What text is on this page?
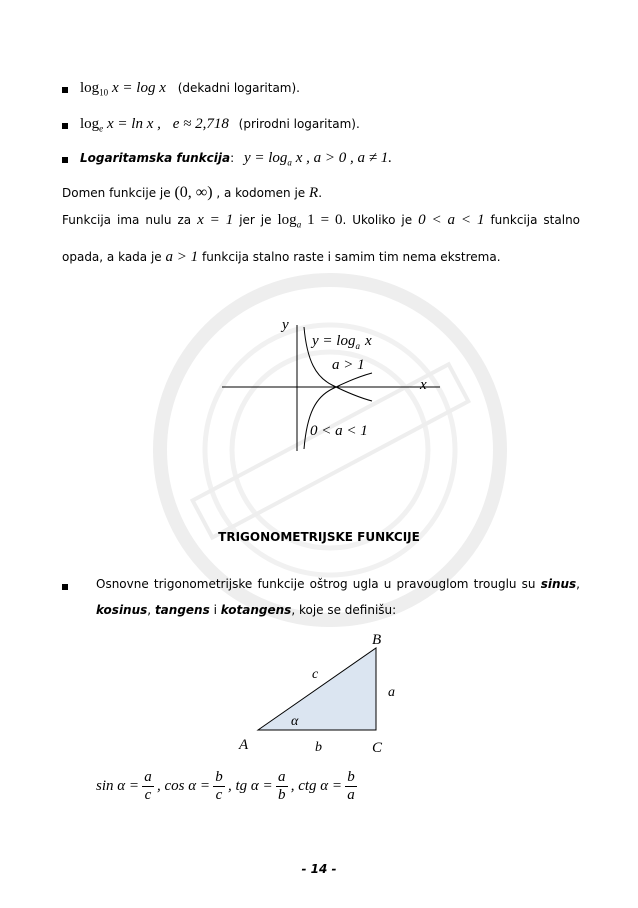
$\log_{10} x = \log x$ (dekadni logaritam).
$\log_e x = \ln x$ , e ≈ 2,718 (prirodni logaritam).
Logaritamska funkcija: $y = \log_a x$ , a > 0 , a ≠ 1.
Domen funkcije je (0, ∞) , a kodomen je R.
Funkcija ima nulu za x = 1 jer je $\log_a 1 = 0$. Ukoliko je 0 < a < 1 funkcija stalno
opada, a kada je a > 1 funkcija stalno raste i samim tim nema ekstrema.
y
x
$y = \log_a x$
a > 1
0 < a < 1
TRIGONOMETRIJSKE FUNKCIJE
Osnovne trigonometrijske funkcije oštrog ugla u pravouglom trouglu su sinus,
kosinus, tangens i kotangens, koje se definišu:
B
A	C
c
a
b
α
$\sin \alpha = \frac{a}{c}$ , $\cos \alpha = \frac{b}{c}$ , tg $\alpha = \frac{a}{b}$ , ctg $\alpha = \frac{b}{a}$
- 14 -
